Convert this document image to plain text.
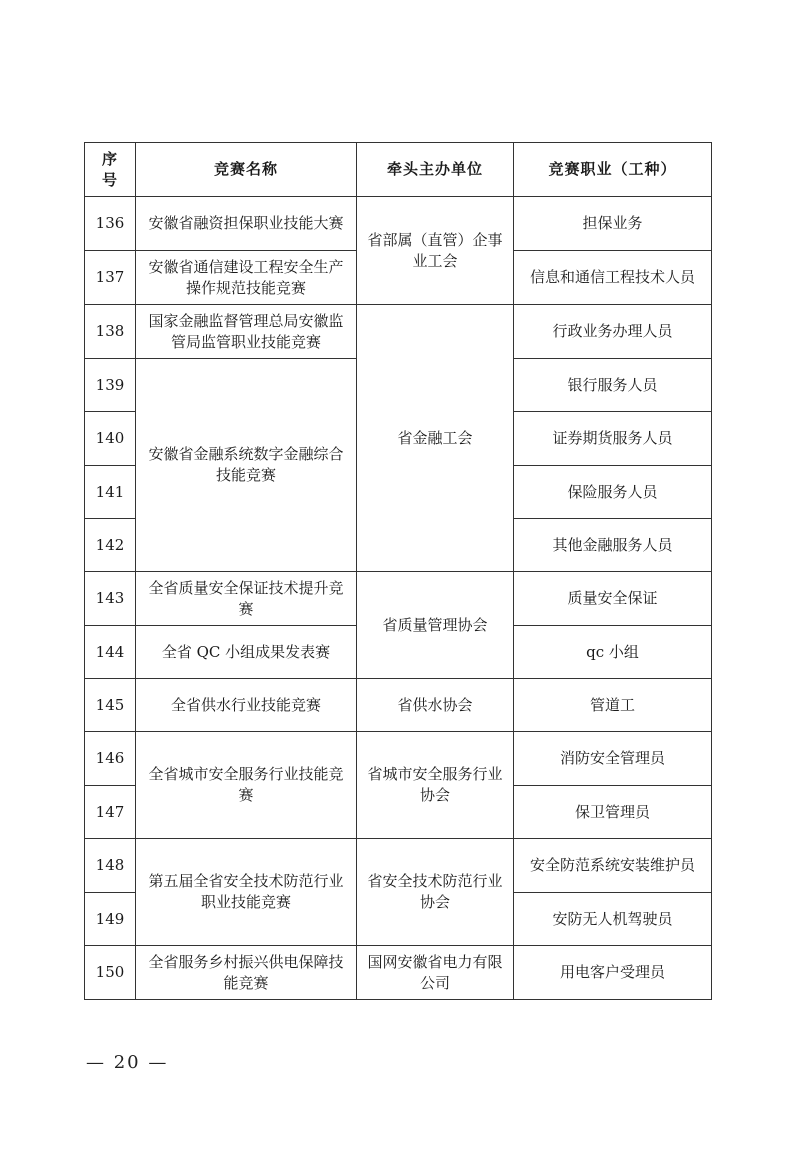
序号	竞赛名称	牵头主办单位	竞赛职业（工种）
136	安徽省融资担保职业技能大赛	省部属（直管）企事业工会	担保业务
137	安徽省通信建设工程安全生产操作规范技能竞赛		信息和通信工程技术人员
138	国家金融监督管理总局安徽监管局监管职业技能竞赛	省金融工会	行政业务办理人员
139	安徽省金融系统数字金融综合技能竞赛		银行服务人员
140			证券期货服务人员
141			保险服务人员
142			其他金融服务人员
143	全省质量安全保证技术提升竞赛	省质量管理协会	质量安全保证
144	全省 QC 小组成果发表赛		qc 小组
145	全省供水行业技能竞赛	省供水协会	管道工
146	全省城市安全服务行业技能竞赛	省城市安全服务行业协会	消防安全管理员
147			保卫管理员
148	第五届全省安全技术防范行业职业技能竞赛	省安全技术防范行业协会	安全防范系统安装维护员
149			安防无人机驾驶员
150	全省服务乡村振兴供电保障技能竞赛	国网安徽省电力有限公司	用电客户受理员
— 20 —
